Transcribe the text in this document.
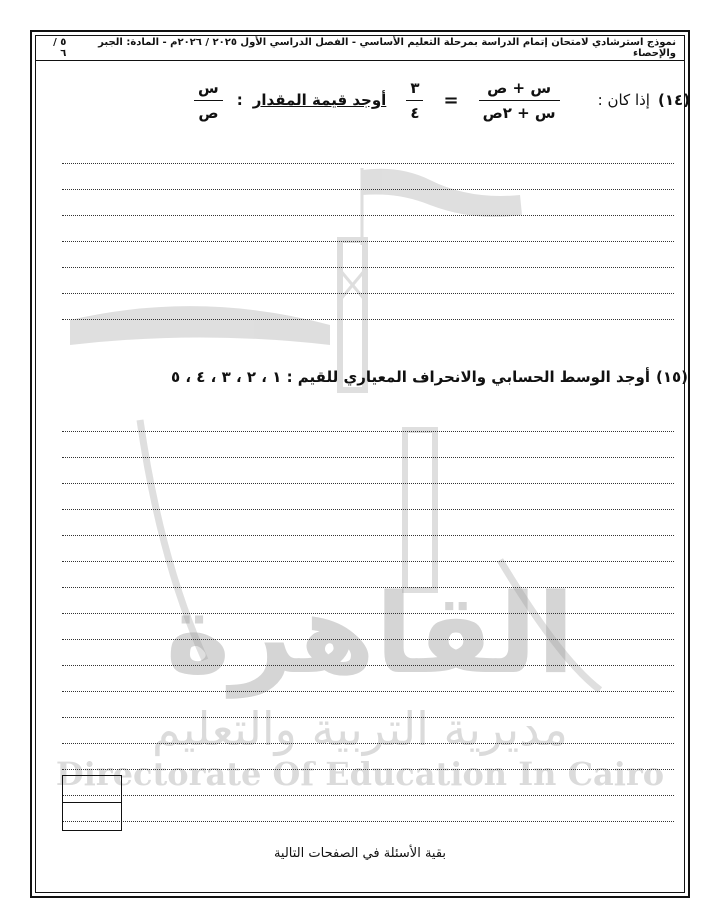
القاهرة
مديرية التربية والتعليم
Directorate Of Education In Cairo
نموذج استرشادي لامتحان إتمام الدراسة بمرحلة التعليم الأساسي - الفصل الدراسي الأول ٢٠٢٥ / ٢٠٢٦م - المادة: الجبر والإحصاء
٥ / ٦
(١٤)
إذا كان :
$\frac{\text{س + ص}}{\text{س + ٢ص}}$
=
$\frac{٣}{٤}$
أوجد قيمة المقدار
:
$\frac{\text{س}}{\text{ص}}$
(١٥)
أوجد الوسط الحسابي والانحراف المعياري للقيم : ١ ، ٢ ، ٣ ، ٤ ، ٥
بقية الأسئلة في الصفحات التالية
